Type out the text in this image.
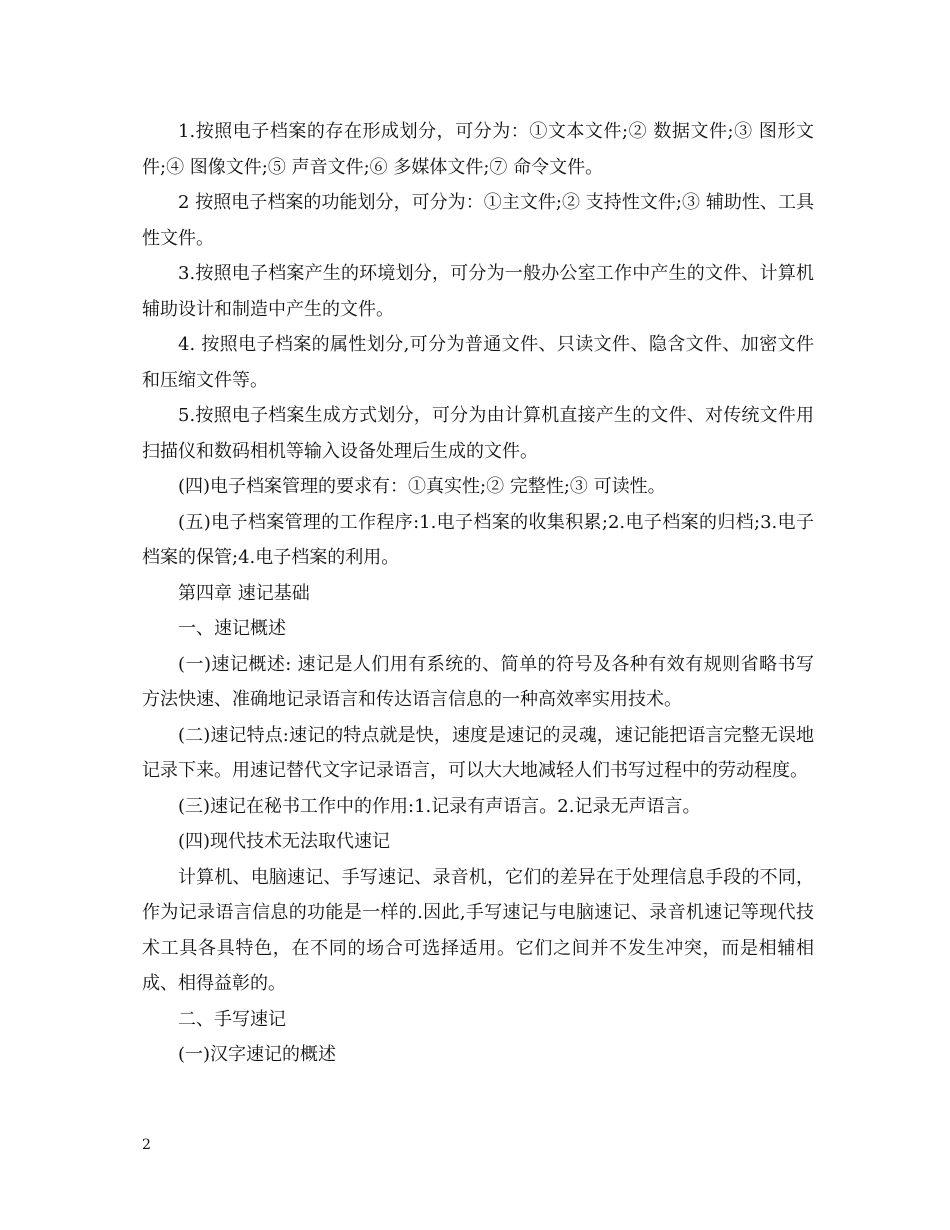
1.按照电子档案的存在形成划分，可分为：①文本文件;② 数据文件;③ 图形文件;④ 图像文件;⑤ 声音文件;⑥ 多媒体文件;⑦ 命令文件。

2 按照电子档案的功能划分，可分为：①主文件;② 支持性文件;③ 辅助性、工具性文件。

3.按照电子档案产生的环境划分，可分为一般办公室工作中产生的文件、计算机辅助设计和制造中产生的文件。

4. 按照电子档案的属性划分,可分为普通文件、只读文件、隐含文件、加密文件和压缩文件等。

5.按照电子档案生成方式划分，可分为由计算机直接产生的文件、对传统文件用扫描仪和数码相机等输入设备处理后生成的文件。

(四)电子档案管理的要求有：①真实性;② 完整性;③ 可读性。

(五)电子档案管理的工作程序:1.电子档案的收集积累;2.电子档案的归档;3.电子档案的保管;4.电子档案的利用。

第四章 速记基础

一、速记概述

(一)速记概述: 速记是人们用有系统的、简单的符号及各种有效有规则省略书写方法快速、准确地记录语言和传达语言信息的一种高效率实用技术。

(二)速记特点:速记的特点就是快，速度是速记的灵魂，速记能把语言完整无误地记录下来。用速记替代文字记录语言，可以大大地减轻人们书写过程中的劳动程度。

(三)速记在秘书工作中的作用:1.记录有声语言。2.记录无声语言。

(四)现代技术无法取代速记

计算机、电脑速记、手写速记、录音机，它们的差异在于处理信息手段的不同，作为记录语言信息的功能是一样的.因此,手写速记与电脑速记、录音机速记等现代技术工具各具特色，在不同的场合可选择适用。它们之间并不发生冲突，而是相辅相成、相得益彰的。

二、手写速记

(一)汉字速记的概述

2
